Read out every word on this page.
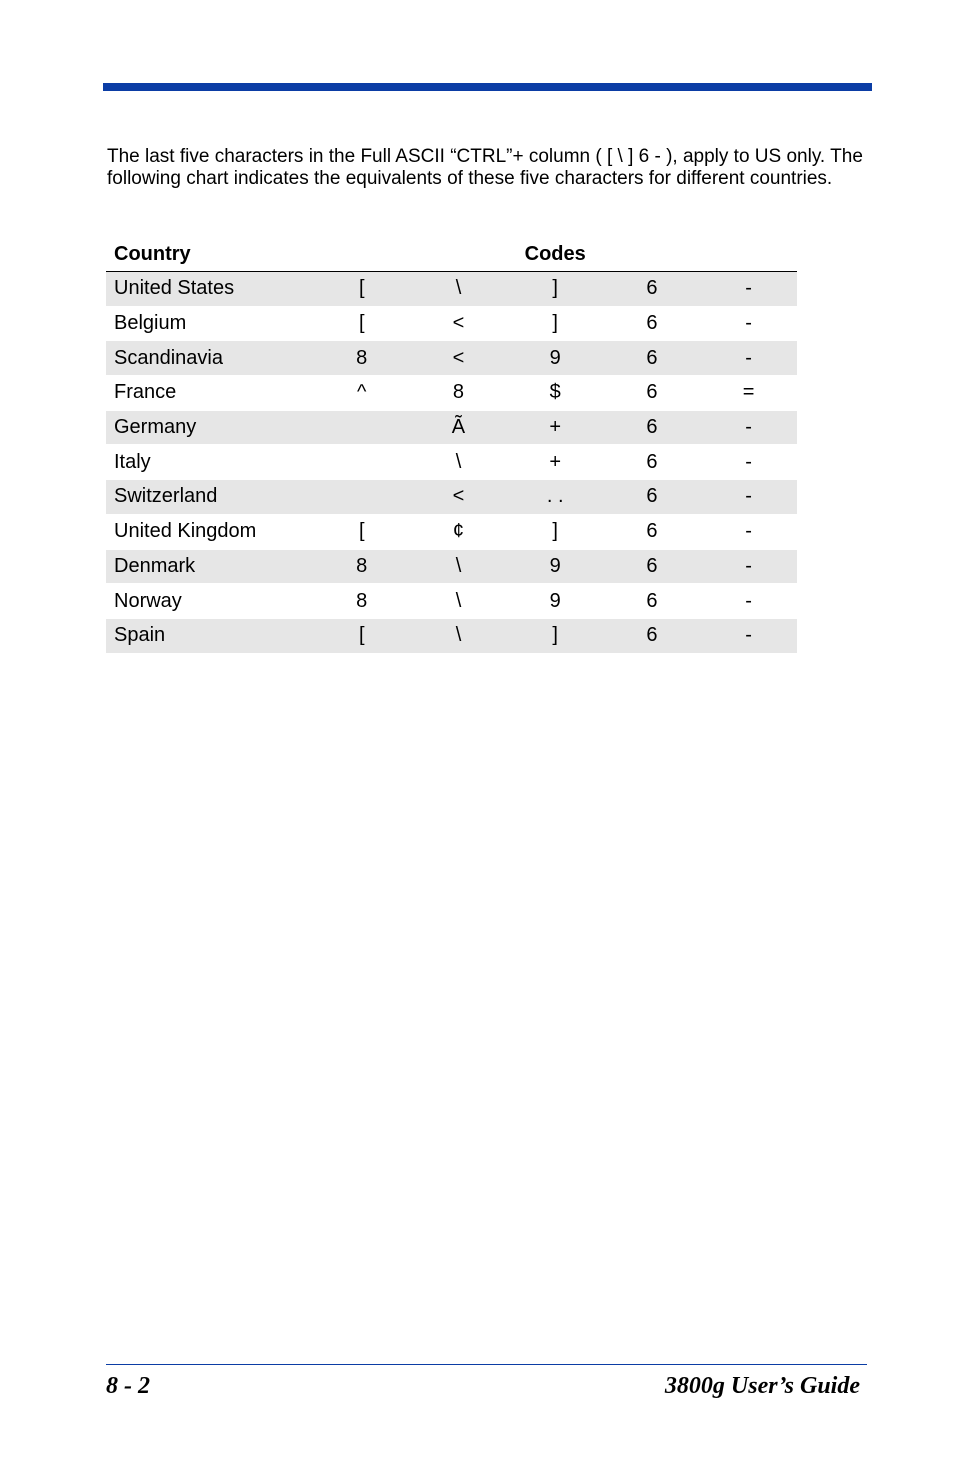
The last five characters in the Full ASCII “CTRL”+ column ( [ \ ] 6 - ), apply to US only. The following chart indicates the equivalents of these five characters for different countries.

Country	Codes				
United States	[	\	]	6	-
Belgium	[	<	]	6	-
Scandinavia	8	<	9	6	-
France	^	8	$	6	=
Germany		Ã	+	6	-
Italy		\	+	6	-
Switzerland		<	. .	6	-
United Kingdom	[	¢	]	6	-
Denmark	8	\	9	6	-
Norway	8	\	9	6	-
Spain	[	\	]	6	-
8 - 2	3800g User’s Guide
